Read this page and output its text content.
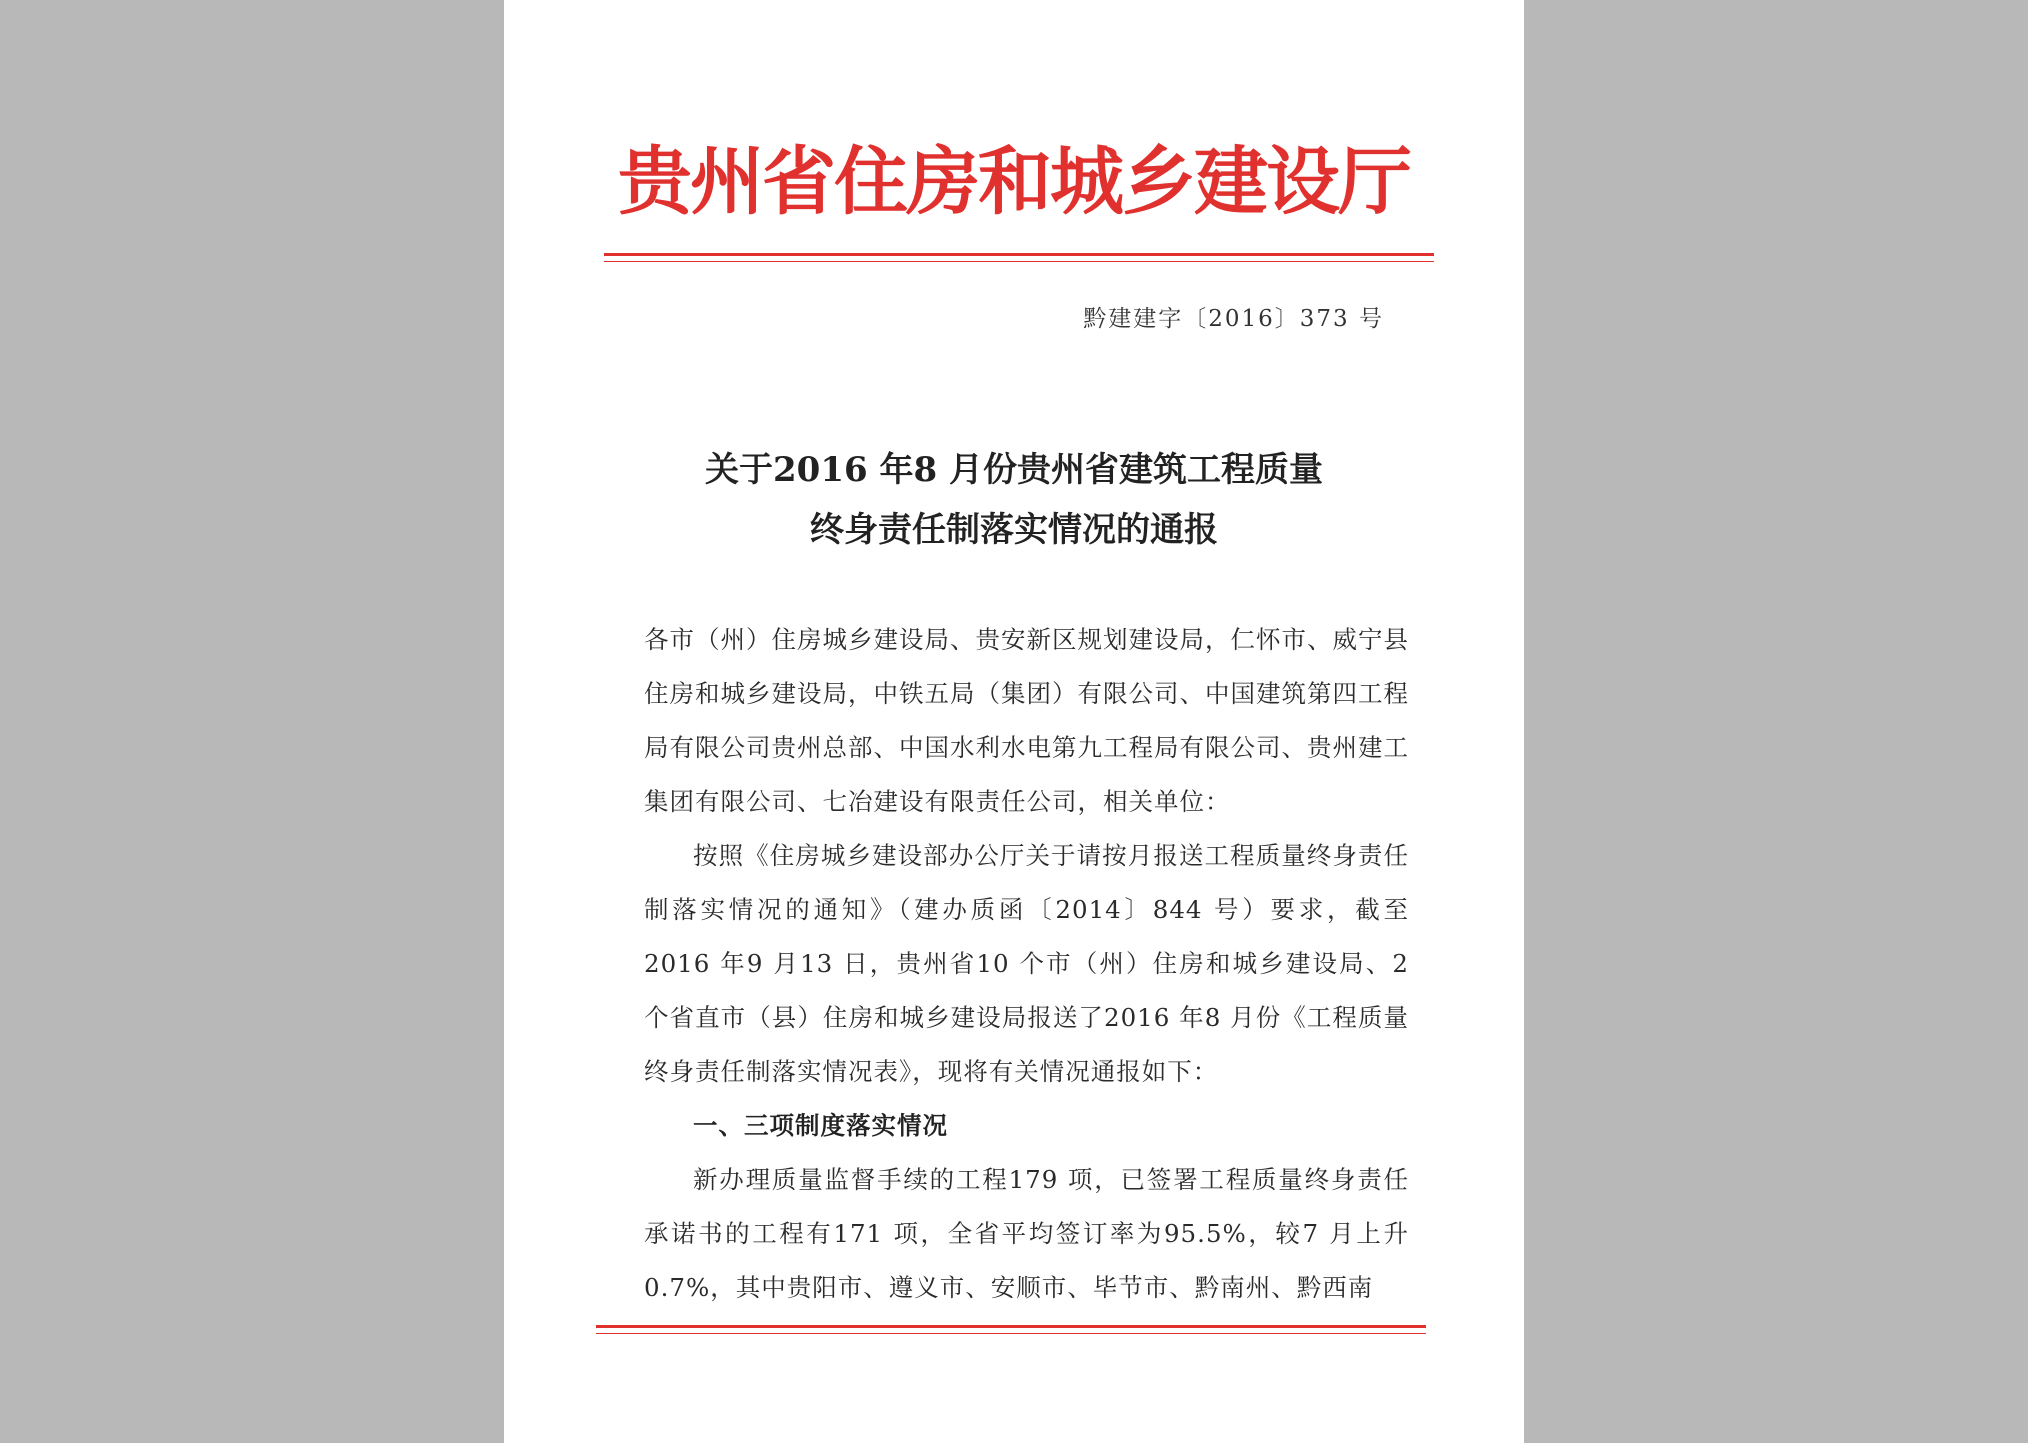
贵州省住房和城乡建设厅
黔建建字〔2016〕373 号
关于2016 年8 月份贵州省建筑工程质量
终身责任制落实情况的通报

各市（州）住房城乡建设局、贵安新区规划建设局，仁怀市、威宁县住房和城乡建设局，中铁五局（集团）有限公司、中国建筑第四工程局有限公司贵州总部、中国水利水电第九工程局有限公司、贵州建工集团有限公司、七冶建设有限责任公司，相关单位：

按照《住房城乡建设部办公厅关于请按月报送工程质量终身责任制落实情况的通知》（建办质函〔2014〕844 号）要求，截至2016 年9 月13 日，贵州省10 个市（州）住房和城乡建设局、2 个省直市（县）住房和城乡建设局报送了2016 年8 月份《工程质量终身责任制落实情况表》，现将有关情况通报如下：

一、三项制度落实情况

新办理质量监督手续的工程179 项，已签署工程质量终身责任承诺书的工程有171 项，全省平均签订率为95.5%，较7 月上升0.7%，其中贵阳市、遵义市、安顺市、毕节市、黔南州、黔西南
